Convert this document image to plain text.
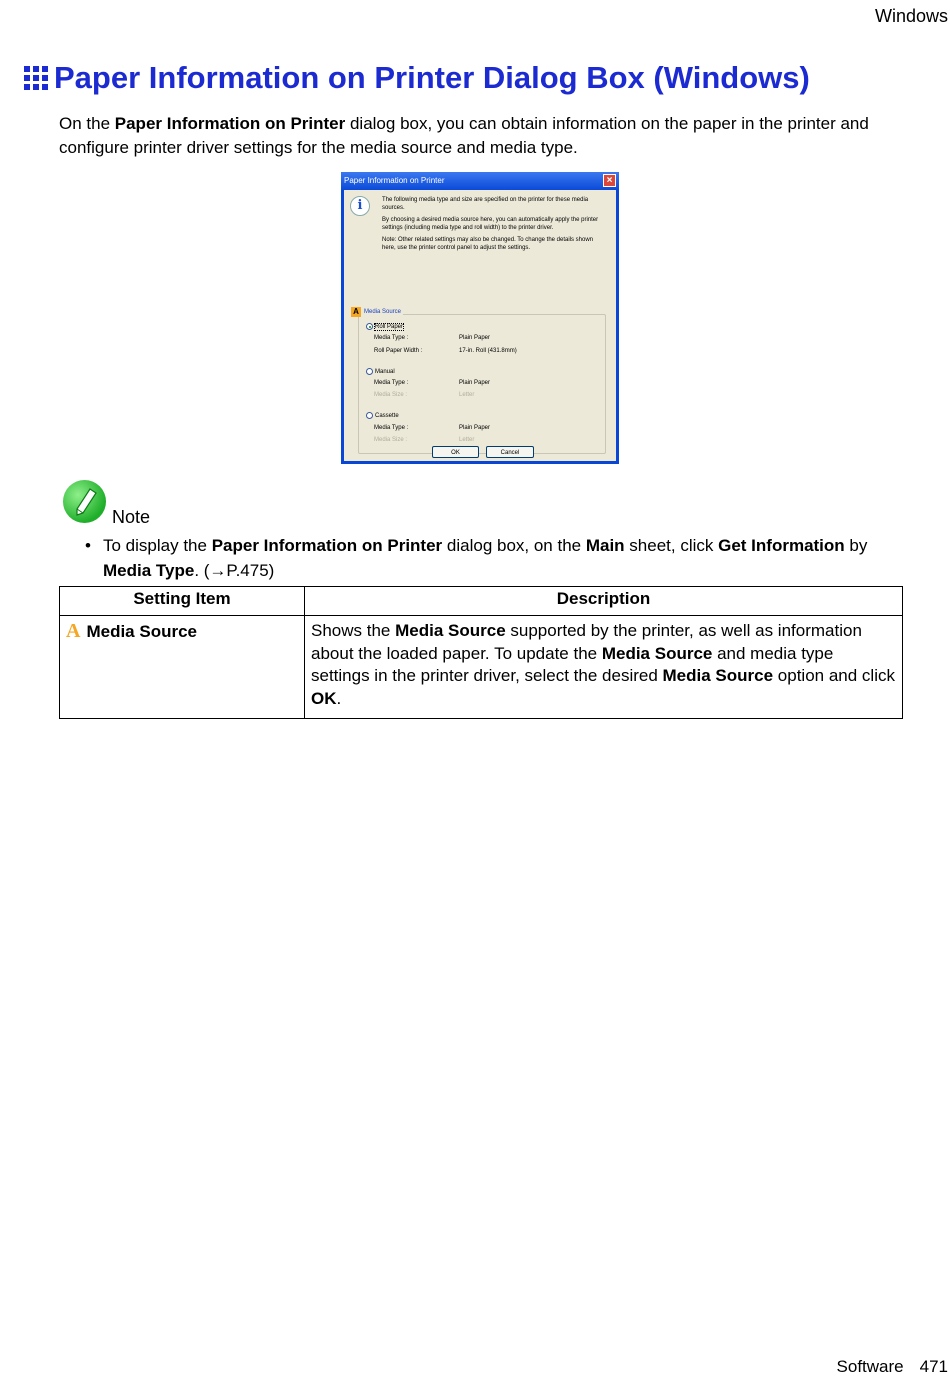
Windows
Paper Information on Printer Dialog Box (Windows)
On the Paper Information on Printer dialog box, you can obtain information on the paper in the printer and configure printer driver settings for the media source and media type.
Paper Information on Printer	×
i	The following media type and size are specified on the printer for these media sources.

By choosing a desired media source here, you can automatically apply the printer settings (including media type and roll width) to the printer driver.

Note: Other related settings may also be changed. To change the details shown here, use the printer control panel to adjust the settings.

A Media Source
Roll Paper
Media Type :	Plain Paper
Roll Paper Width :	17-in. Roll (431.8mm)
Manual
Media Type :	Plain Paper
Media Size :	Letter
Cassette
Media Type :	Plain Paper
Media Size :	Letter
OK	Cancel
Note
• To display the Paper Information on Printer dialog box, on the Main sheet, click Get Information by Media Type. (→P.475)
Setting Item	Description
A Media Source	Shows the Media Source supported by the printer, as well as information about the loaded paper. To update the Media Source and media type settings in the printer driver, select the desired Media Source option and click OK.
Software 471
